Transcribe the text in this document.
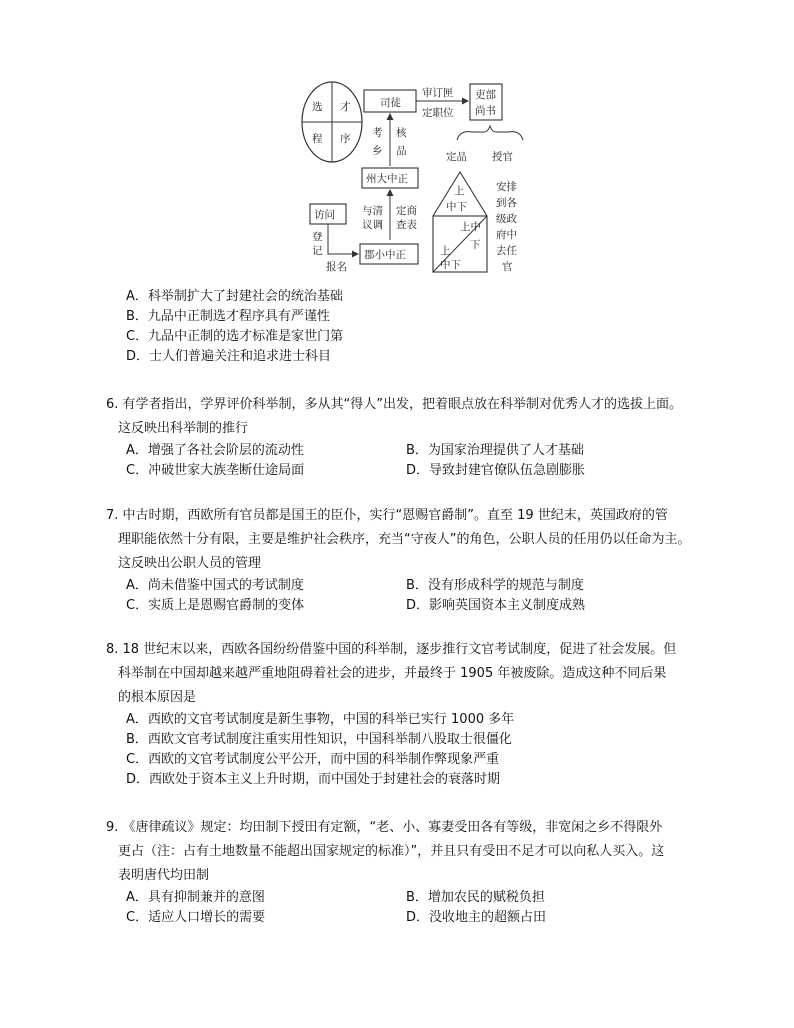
选 才
程 序
司徒
审订匣
定职位
吏部
尚书
定品 授官
考
乡
核
品
州大中正
与清
议调
定商
查表
访问
登
记
报名
郡小中正
上
中下
上中
下
上
中下
安排
到各
级政
府中
去任
官
A．科举制扩大了封建社会的统治基础
B．九品中正制选才程序具有严谨性
C．九品中正制的选才标准是家世门第
D．士人们普遍关注和追求进士科目
6. 有学者指出，学界评价科举制，多从其“得人”出发，把着眼点放在科举制对优秀人才的选拔上面。
这反映出科举制的推行
A．增强了各社会阶层的流动性	B．为国家治理提供了人才基础
C．冲破世家大族垄断仕途局面	D．导致封建官僚队伍急剧膨胀
7. 中古时期，西欧所有官员都是国王的臣仆，实行“恩赐官爵制”。直至 19 世纪末，英国政府的管
理职能依然十分有限，主要是维护社会秩序，充当“守夜人”的角色，公职人员的任用仍以任命为主。
这反映出公职人员的管理
A．尚未借鉴中国式的考试制度	B．没有形成科学的规范与制度
C．实质上是恩赐官爵制的变体	D．影响英国资本主义制度成熟
8. 18 世纪末以来，西欧各国纷纷借鉴中国的科举制，逐步推行文官考试制度，促进了社会发展。但
科举制在中国却越来越严重地阻碍着社会的进步，并最终于 1905 年被废除。造成这种不同后果
的根本原因是
A．西欧的文官考试制度是新生事物，中国的科举已实行 1000 多年
B．西欧文官考试制度注重实用性知识，中国科举制八股取士很僵化
C．西欧的文官考试制度公平公开，而中国的科举制作弊现象严重
D．西欧处于资本主义上升时期，而中国处于封建社会的衰落时期
9. 《唐律疏议》规定：均田制下授田有定额，“老、小、寡妻受田各有等级，非宽闲之乡不得限外
更占（注：占有土地数量不能超出国家规定的标准）”，并且只有受田不足才可以向私人买入。这
表明唐代均田制
A．具有抑制兼并的意图	B．增加农民的赋税负担
C．适应人口增长的需要	D．没收地主的超额占田
